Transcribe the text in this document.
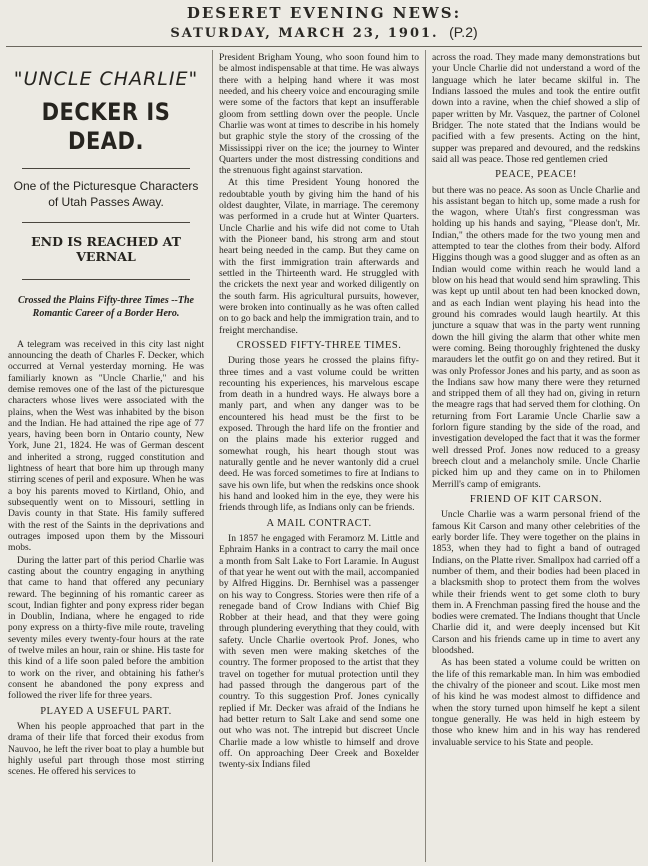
DESERET EVENING NEWS:
SATURDAY, MARCH 23, 1901. (P.2)
"UNCLE CHARLIE"
DECKER IS DEAD.
One of the Picturesque Characters of Utah Passes Away.
END IS REACHED AT VERNAL
Crossed the Plains Fifty-three Times --The Romantic Career of a Border Hero.

A telegram was received in this city last night announcing the death of Charles F. Decker, which occurred at Vernal yesterday morning. He was familiarly known as "Uncle Charlie," and his demise removes one of the last of the picturesque characters whose lives were associated with the plains, when the West was inhabited by the bison and the Indian. He had attained the ripe age of 77 years, having been born in Ontario county, New York, June 21, 1824. He was of German descent and inherited a strong, rugged constitution and lightness of heart that bore him up through many stirring scenes of peril and exposure. When he was a boy his parents moved to Kirtland, Ohio, and subsequently went on to Missouri, settling in Davis county in that State. His family suffered with the rest of the Saints in the deprivations and outrages imposed upon them by the Missouri mobs.

During the latter part of this period Charlie was casting about the country engaging in anything that came to hand that offered any pecuniary reward. The beginning of his romantic career as scout, Indian fighter and pony express rider began in Doublin, Indiana, where he engaged to ride pony express on a thirty-five mile route, traveling seventy miles every twenty-four hours at the rate of twelve miles an hour, rain or shine. His taste for this kind of a life soon paled before the ambition to work on the river, and obtaining his father's consent he abandoned the pony express and followed the river life for three years.

PLAYED A USEFUL PART.

When his people approached that part in the drama of their life that forced their exodus from Nauvoo, he left the river boat to play a humble but highly useful part through those most stirring scenes. He offered his services to

President Brigham Young, who soon found him to be almost indispensable at that time. He was always there with a helping hand where it was most needed, and his cheery voice and encouraging smile were some of the factors that kept an insufferable gloom from settling down over the people. Uncle Charlie was wont at times to describe in his homely but graphic style the story of the crossing of the Mississippi river on the ice; the journey to Winter Quarters under the most distressing conditions and the strenuous fight against starvation.

At this time President Young honored the redoubtable youth by giving him the hand of his oldest daughter, Vilate, in marriage. The ceremony was performed in a crude hut at Winter Quarters. Uncle Charlie and his wife did not come to Utah with the Pioneer band, his strong arm and stout heart being needed in the camp. But they came on with the first immigration train afterwards and settled in the Thirteenth ward. He struggled with the crickets the next year and worked diligently on the south farm. His agricultural pursuits, however, were broken into continually as he was often called on to go back and help the immigration train, and to freight merchandise.

CROSSED FIFTY-THREE TIMES.

During those years he crossed the plains fifty-three times and a vast volume could be written recounting his experiences, his marvelous escape from death in a hundred ways. He always bore a manly part, and when any danger was to be encountered his head must be the first to be exposed. Through the hard life on the frontier and on the plains made his exterior rugged and somewhat rough, his heart though stout was naturally gentle and he never wantonly did a cruel deed. He was forced sometimes to fire at Indians to save his own life, but when the redskins once shook his hand and looked him in the eye, they were his friends through life, as Indians only can be friends.

A MAIL CONTRACT.

In 1857 he engaged with Feramorz M. Little and Ephraim Hanks in a contract to carry the mail once a month from Salt Lake to Fort Laramie. In August of that year he went out with the mail, accompanied by Alfred Higgins. Dr. Bernhisel was a passenger on his way to Congress. Stories were then rife of a renegade band of Crow Indians with Chief Big Robber at their head, and that they were going through plundering everything that they could, with safety. Uncle Charlie overtook Prof. Jones, who with seven men were making sketches of the country. The former proposed to the artist that they travel on together for mutual protection until they had passed through the dangerous part of the country. To this suggestion Prof. Jones cynically replied if Mr. Decker was afraid of the Indians he had better return to Salt Lake and send some one out who was not. The intrepid but discreet Uncle Charlie made a low whistle to himself and drove off. On approaching Deer Creek and Boxelder twenty-six Indians filed

across the road. They made many demonstrations but your Uncle Charlie did not understand a word of the language which he later became skilful in. The Indians lassoed the mules and took the entire outfit down into a ravine, when the chief showed a slip of paper written by Mr. Vasquez, the partner of Colonel Bridger. The note stated that the Indians would be pacified with a few presents. Acting on the hint, supper was prepared and devoured, and the redskins said all was peace. Those red gentlemen cried

PEACE, PEACE!

but there was no peace. As soon as Uncle Charlie and his assistant began to hitch up, some made a rush for the wagon, where Utah's first congressman was holding up his hands and saying, "Please don't, Mr. Indian," the others made for the two young men and attempted to tear the clothes from their body. Alford Higgins though was a good slugger and as often as an Indian would come within reach he would land a blow on his head that would send him sprawling. This was kept up until about ten had been knocked down, and as each Indian went playing his head into the ground his comrades would laugh heartily. At this juncture a squaw that was in the party went running down the hill giving the alarm that other white men were coming. Being thoroughly frightened the dusky marauders let the outfit go on and they retired. But it was only Professor Jones and his party, and as soon as the Indians saw how many there were they returned and stripped them of all they had on, giving in return the meagre rags that had served them for clothing. On returning from Fort Laramie Uncle Charlie saw a forlorn figure standing by the side of the road, and investigation developed the fact that it was the former well dressed Prof. Jones now reduced to a greasy breech clout and a melancholy smile. Uncle Charlie picked him up and they came on in to Philomen Merrill's camp of emigrants.

FRIEND OF KIT CARSON.

Uncle Charlie was a warm personal friend of the famous Kit Carson and many other celebrities of the early border life. They were together on the plains in 1853, when they had to fight a band of outraged Indians, on the Platte river. Smallpox had carried off a number of them, and their bodies had been placed in a blacksmith shop to protect them from the wolves while their friends went to get some cloth to bury them in. A Frenchman passing fired the house and the bodies were cremated. The Indians thought that Uncle Charlie did it, and were deeply incensed but Kit Carson and his friends came up in time to avert any bloodshed.

As has been stated a volume could be written on the life of this remarkable man. In him was embodied the chivalry of the pioneer and scout. Like most men of his kind he was modest almost to diffidence and when the story turned upon himself he kept a silent tongue generally. He was held in high esteem by those who knew him and in his way has rendered invaluable service to his State and people.
